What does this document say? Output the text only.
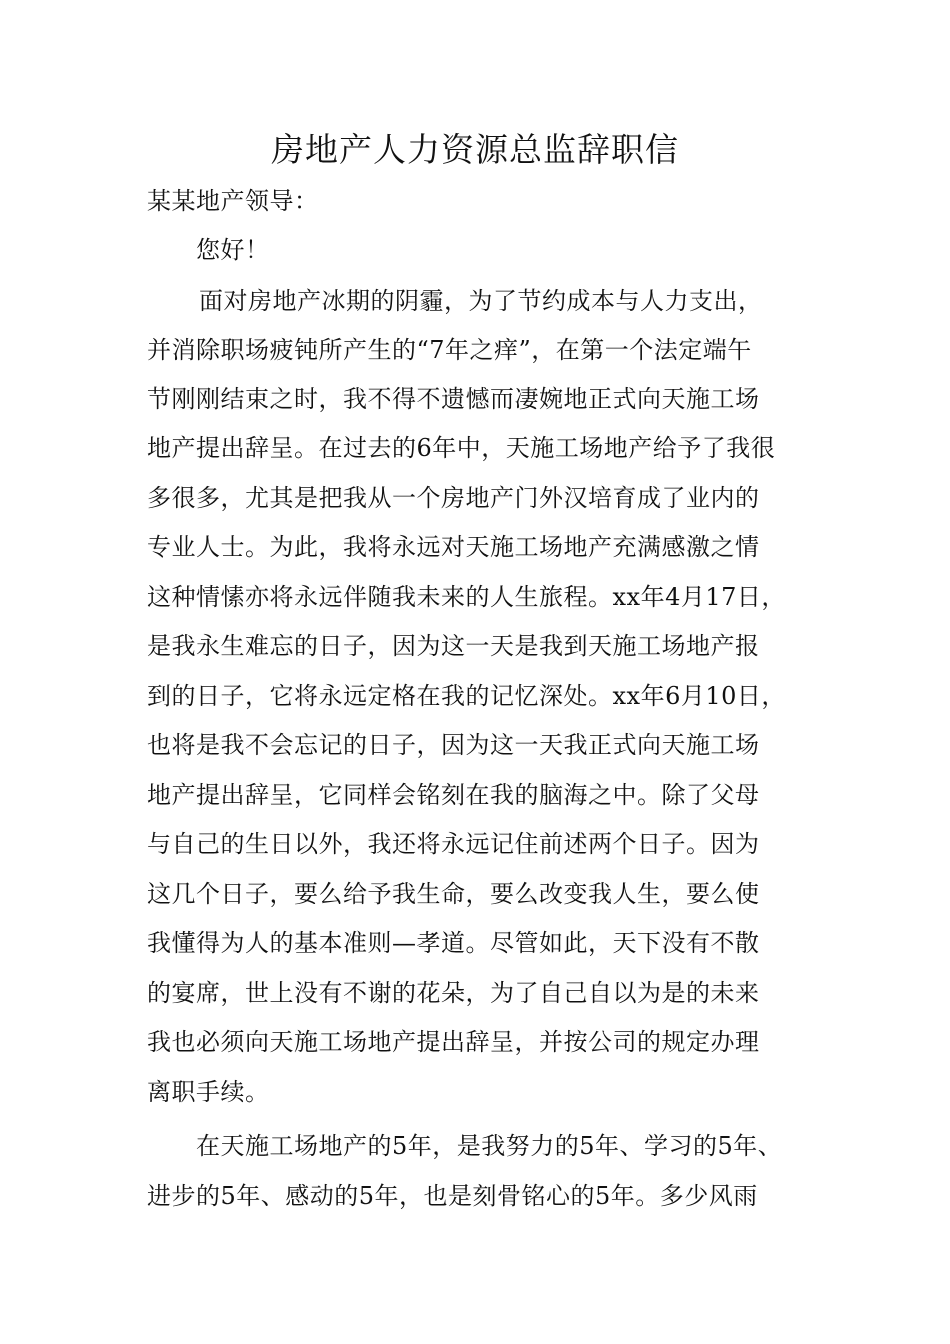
房地产人力资源总监辞职信
某某地产领导：
您好！
面对房地产冰期的阴霾，为了节约成本与人力支出，
并消除职场疲钝所产生的“7年之痒”，在第一个法定端午
节刚刚结束之时，我不得不遗憾而凄婉地正式向天施工场
地产提出辞呈。在过去的6年中，天施工场地产给予了我很
多很多，尤其是把我从一个房地产门外汉培育成了业内的
专业人士。为此，我将永远对天施工场地产充满感激之情
这种情愫亦将永远伴随我未来的人生旅程。xx年4月17日，
是我永生难忘的日子，因为这一天是我到天施工场地产报
到的日子，它将永远定格在我的记忆深处。xx年6月10日，
也将是我不会忘记的日子，因为这一天我正式向天施工场
地产提出辞呈，它同样会铭刻在我的脑海之中。除了父母
与自己的生日以外，我还将永远记住前述两个日子。因为
这几个日子，要么给予我生命，要么改变我人生，要么使
我懂得为人的基本准则—孝道。尽管如此，天下没有不散
的宴席，世上没有不谢的花朵，为了自己自以为是的未来
我也必须向天施工场地产提出辞呈，并按公司的规定办理
离职手续。
在天施工场地产的5年，是我努力的5年、学习的5年、
进步的5年、感动的5年，也是刻骨铭心的5年。多少风雨
